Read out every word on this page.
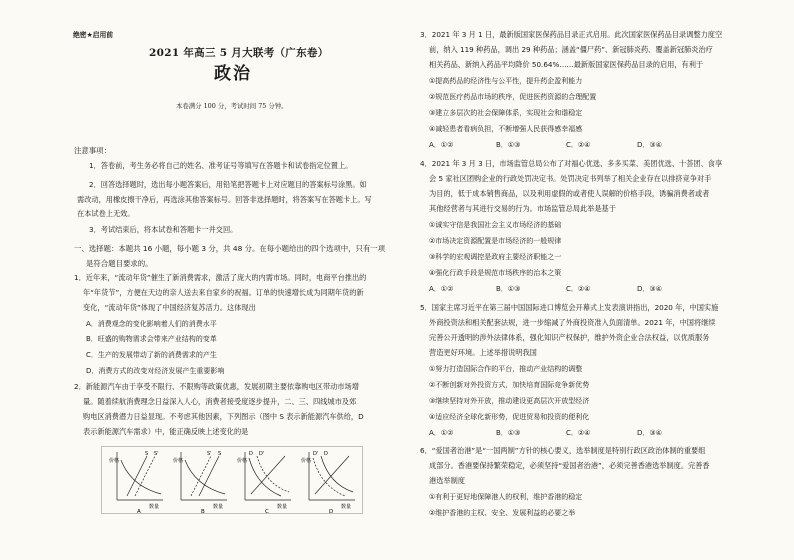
绝密★启用前
2021 年高三 5 月大联考（广东卷）
政治
本卷满分 100 分，考试时间 75 分钟。
注意事项：
1．答卷前，考生务必将自己的姓名、准考证号等填写在答题卡和试卷指定位置上。
2．回答选择题时，选出每小题答案后，用铅笔把答题卡上对应题目的答案标号涂黑。如
需改动，用橡皮擦干净后，再选涂其他答案标号。回答非选择题时，将答案写在答题卡上。写
在本试卷上无效。
3．考试结束后，将本试卷和答题卡一并交回。
一、选择题：本题共 16 小题，每小题 3 分，共 48 分。在每小题给出的四个选项中，只有一项
是符合题目要求的。
1．近年来，“流动年货”催生了新消费需求，激活了庞大的内需市场。同时，电商平台推出的
年“年货节”，方便在天边的亲人送去来自家乡的祝福。订单的快速增长成为同期年货的新
变化，“流动年货”体现了中国经济复苏活力。这体现出
A．消费观念的变化影响着人们的消费水平
B．旺盛的购物需求会带来产业结构的变革
C．生产的发展带动了新的消费需求的产生
D．消费方式的改变对经济发展产生重要影响
2．新能源汽车由于享受不限行、不限购等政策优惠，发展初期主要依靠购电区带动市场增
量。随着续航消费理念日益深入人心，消费者接受度逐步提升，二、三、四线城市及郊
购电区消费潜力日益显现。不考虑其他因素，下列图示（图中 S 表示新能源汽车供给，D
表示新能源汽车需求）中，能正确反映上述变化的是
价格
数量
S S'
A
价格
数量
S' S
B
价格
数量
D D'
C
价格
数量
D' D
D
3．2021 年 3 月 1 日，最新版国家医保药品目录正式启用。此次国家医保药品目录调整力度空
前，纳入 119 种药品，调出 29 种药品；涵盖“僵尸药”、新冠肺炎药、覆盖新冠肺炎治疗
相关药品、新纳入药品平均降价 50.64%……最新版国家医保药品目录的启用，有利于
①提高药品的经济性与公平性，提升药企盈利能力
②规范医疗药品市场的秩序，促进医药资源的合理配置
③建立多层次的社会保障体系，实现社会和谐稳定
④减轻患者看病负担，不断增强人民获得感幸福感
A．①②	B．①③	C．②④	D．③④
4．2021 年 3 月 3 日，市场监管总局公布了对福心优选、多多买菜、美团优选、十荟团、食享
会 5 家社区团购企业的行政处罚决定书。处罚决定书列举了相关企业存在以排挤竞争对手
为目的，低于成本销售商品，以及利用虚假的或者使人误解的价格手段，诱骗消费者或者
其他经营者与其进行交易的行为。市场监管总局此举是基于
①诚实守信是我国社会主义市场经济的基础
②市场决定资源配置是市场经济的一般规律
③科学的宏观调控是政府主要经济职能之一
④强化行政手段是规范市场秩序的治本之策
A．①②	B．①③	C．②④	D．③④
5．国家主席习近平在第三届中国国际进口博览会开幕式上发表演讲指出，2020 年，中国实施
外商投资法和相关配套法规，进一步缩减了外商投资准入负面清单。2021 年，中国将继续
完善公开透明的涉外法律体系，强化知识产权保护，维护外资企业合法权益，以优质服务
营造更好环境。上述举措说明我国
①努力打造国际合作的平台，推动产业结构的调整
②不断创新对外投资方式，加快培育国际竞争新优势
③继续坚持对外开放，推动建设更高层次开放型经济
④适应经济全球化新形势，促进贸易和投资的便利化
A．①②	B．①③	C．②④	D．③④
6．“爱国者治港”是“一国两制”方针的核心要义，选举制度是特别行政区政治体制的重要组
成部分。香港要保持繁荣稳定，必须坚持“爱国者治港”，必须完善香港选举制度。完善香
港选举制度
①有利于更好地保障港人的权利，维护香港的稳定
②维护香港的主权、安全、发展利益的必要之举
